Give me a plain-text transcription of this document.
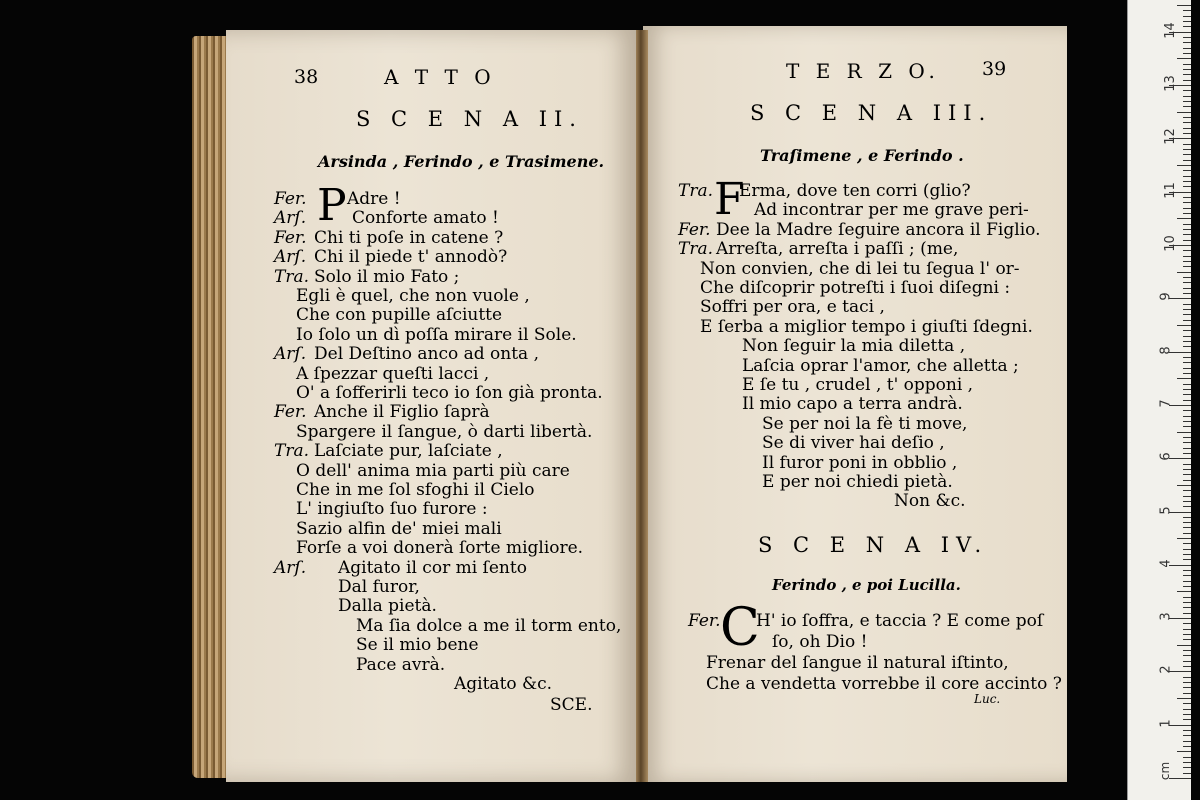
38	A T T O
S C E N A II.
Arsinda , Ferindo , e Trasimene.
P
Fer. Adre !
Arſ.	Conforte amato !
Fer. Chi ti poſe in catene ?
Arſ. Chi il piede t' annodò?
Tra. Solo il mio Fato ;
Egli è quel, che non vuole ,
Che con pupille aſciutte
Io ſolo un dì poſſa mirare il Sole.
Arſ. Del Deſtino anco ad onta ,
A ſpezzar queſti lacci ,
O' a ſofferirli teco io ſon già pronta.
Fer. Anche il Figlio ſaprà
Spargere il ſangue, ò darti libertà.
Tra. Laſciate pur, laſciate ,
O dell' anima mia parti più care
Che in me ſol sfoghi il Cielo
L' ingiuſto ſuo furore :
Sazio alfin de' miei mali
Forſe a voi donerà ſorte migliore.
Arſ. Agitato il cor mi ſento
Dal furor,
Dalla pietà.
Ma ſia dolce a me il torm ento,
Se il mio bene
Pace avrà.
Agitato &c.
SCE.
T E R Z O. 39
S C E N A III.
Traſimene , e Ferindo .
F
Tra. Erma, dove ten corri (glio?
Ad incontrar per me grave peri-
Fer. Dee la Madre ſeguire ancora il Figlio.
Tra. Arreſta, arreſta i paſſi ; (me,
Non convien, che di lei tu ſegua l' or-
Che diſcoprir potreſti i ſuoi diſegni :
Soffri per ora, e taci ,
E ſerba a miglior tempo i giuſti ſdegni.
Non ſeguir la mia diletta ,
Laſcia oprar l'amor, che alletta ;
E ſe tu , crudel , t' opponi ,
Il mio capo a terra andrà.
Se per noi la fè ti move,
Se di viver hai deſio ,
Il furor poni in obblio ,
E per noi chiedi pietà.
Non &c.
S C E N A IV.
Ferindo , e poi Lucilla.
C
Fer. H' io ſoffra, e taccia ? E come poſ
ſo, oh Dio !
Frenar del ſangue il natural iſtinto,
Che a vendetta vorrebbe il core accinto ?
Luc.
1
2
3
4
5
6
7
8
9
10
11
12
13
14
cm
